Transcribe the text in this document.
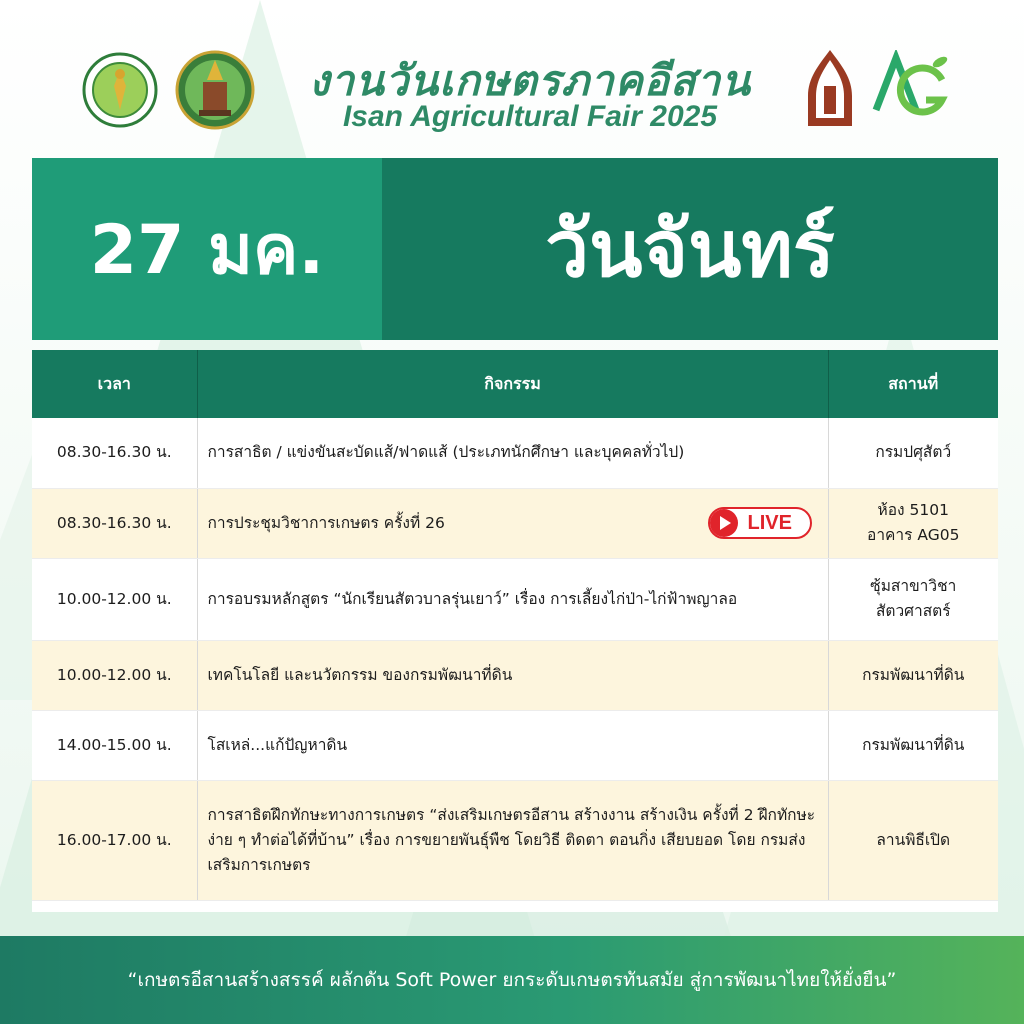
งานวันเกษตรภาคอีสาน
Isan Agricultural Fair 2025
27 มค.	วันจันทร์
เวลา	กิจกรรม	สถานที่
08.30-16.30 น.	การสาธิต / แข่งขันสะบัดแส้/ฟาดแส้ (ประเภทนักศึกษา และบุคคลทั่วไป)	กรมปศุสัตว์
08.30-16.30 น.	การประชุมวิชาการเกษตร ครั้งที่ 26 LIVE	ห้อง 5101
อาคาร AG05

10.00-12.00 น.	การอบรมหลักสูตร “นักเรียนสัตวบาลรุ่นเยาว์” เรื่อง การเลี้ยงไก่ป่า-ไก่ฟ้าพญาลอ	ซุ้มสาขาวิชา
สัตวศาสตร์

10.00-12.00 น.	เทคโนโลยี และนวัตกรรม ของกรมพัฒนาที่ดิน	กรมพัฒนาที่ดิน
14.00-15.00 น.	โสเหล่...แก้ปัญหาดิน	กรมพัฒนาที่ดิน
16.00-17.00 น.	การสาธิตฝึกทักษะทางการเกษตร “ส่งเสริมเกษตรอีสาน สร้างงาน สร้างเงิน ครั้งที่ 2 ฝึกทักษะง่าย ๆ ทำต่อได้ที่บ้าน” เรื่อง การขยายพันธุ์พืช โดยวิธี ติดตา ตอนกิ่ง เสียบยอด โดย กรมส่งเสริมการเกษตร	ลานพิธีเปิด
“เกษตรอีสานสร้างสรรค์ ผลักดัน Soft Power ยกระดับเกษตรทันสมัย สู่การพัฒนาไทยให้ยั่งยืน”
